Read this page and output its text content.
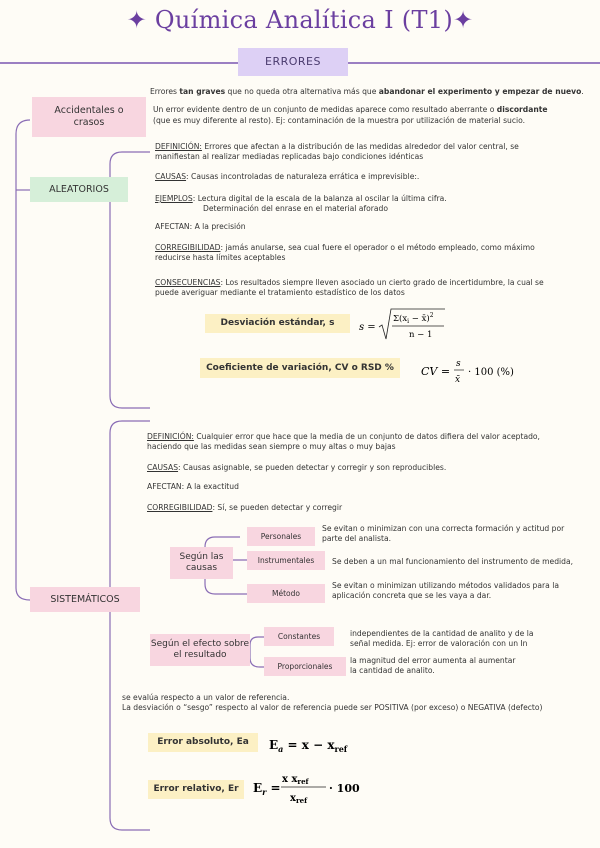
✦ Química Analítica I (T1)✦
ERRORES
Errores tan graves que no queda otra alternativa más que abandonar el experimento y empezar de nuevo.
Accidentales o crasos
Un error evidente dentro de un conjunto de medidas aparece como resultado aberrante o discordante
(que es muy diferente al resto). Ej: contaminación de la muestra por utilización de material sucio.
ALEATORIOS
DEFINICIÓN: Errores que afectan a la distribución de las medidas alrededor del valor central, se
manifiestan al realizar mediadas replicadas bajo condiciones idénticas
CAUSAS: Causas incontroladas de naturaleza errática e imprevisible:.
EJEMPLOS: Lectura digital de la escala de la balanza al oscilar la última cifra.
Determinación del enrase en el material aforado
AFECTAN: A la precisión
CORREGIBILIDAD: jamás anularse, sea cual fuere el operador o el método empleado, como máximo
reducirse hasta límites aceptables
CONSECUENCIAS: Los resultados siempre lleven asociado un cierto grado de incertidumbre, la cual se
puede averiguar mediante el tratamiento estadístico de los datos
Desviación estándar, s	s =
$\Sigma(x_i$ − x̄)$^2$
n − 1
Coeficiente de variación, CV o RSD %	CV =
s
x̄
· 100 (%)
SISTEMÁTICOS
DEFINICIÓN: Cualquier error que hace que la media de un conjunto de datos difiera del valor aceptado,
haciendo que las medidas sean siempre o muy altas o muy bajas
CAUSAS: Causas asignable, se pueden detectar y corregir y son reproducibles.
AFECTAN: A la exactitud
CORREGIBILIDAD: Sí, se pueden detectar y corregir
Según las causas
Personales
Se evitan o minimizan con una correcta formación y actitud por
parte del analista.
Instrumentales	Se deben a un mal funcionamiento del instrumento de medida,
Método
Se evitan o minimizan utilizando métodos validados para la
aplicación concreta que se les vaya a dar.
Según el efecto sobre el resultado
Constantes	independientes de la cantidad de analito y de la
señal medida. Ej: error de valoración con un In
Proporcionales
la magnitud del error aumenta al aumentar
la cantidad de analito.
se evalúa respecto a un valor de referencia.
La desviación o “sesgo” respecto al valor de referencia puede ser POSITIVA (por exceso) o NEGATIVA (defecto)
Error absoluto, Ea	$E_a = x - x_{ref}$
Error relativo, Er	$E_r$ =
x $x_{ref}$
$x_{ref}$
· 100
